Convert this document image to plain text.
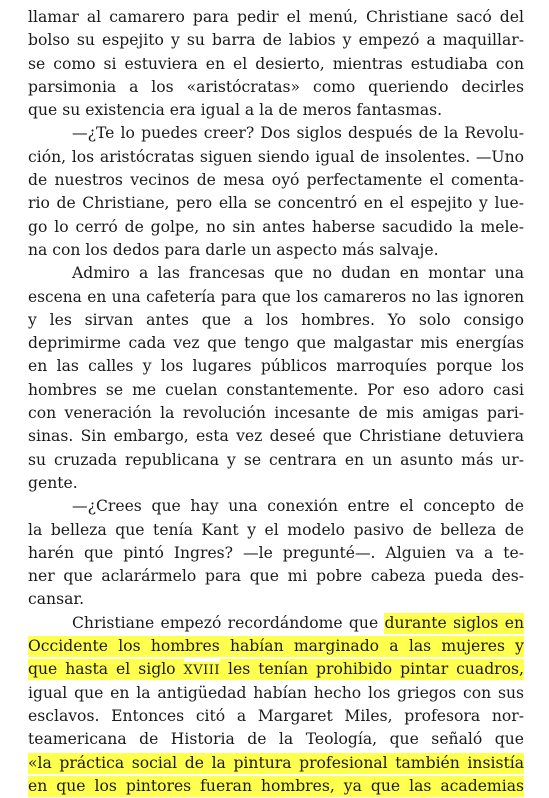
llamar al camarero para pedir el menú, Christiane sacó del
bolso su espejito y su barra de labios y empezó a maquillar-
se como si estuviera en el desierto, mientras estudiaba con
parsimonia a los «aristócratas» como queriendo decirles
que su existencia era igual a la de meros fantasmas.
—¿Te lo puedes creer? Dos siglos después de la Revolu-
ción, los aristócratas siguen siendo igual de insolentes. —Uno
de nuestros vecinos de mesa oyó perfectamente el comenta-
rio de Christiane, pero ella se concentró en el espejito y lue-
go lo cerró de golpe, no sin antes haberse sacudido la mele-
na con los dedos para darle un aspecto más salvaje.
Admiro a las francesas que no dudan en montar una
escena en una cafetería para que los camareros no las ignoren
y les sirvan antes que a los hombres. Yo solo consigo
deprimirme cada vez que tengo que malgastar mis energías
en las calles y los lugares públicos marroquíes porque los
hombres se me cuelan constantemente. Por eso adoro casi
con veneración la revolución incesante de mis amigas pari-
sinas. Sin embargo, esta vez deseé que Christiane detuviera
su cruzada republicana y se centrara en un asunto más ur-
gente.
—¿Crees que hay una conexión entre el concepto de
la belleza que tenía Kant y el modelo pasivo de belleza de
harén que pintó Ingres? —le pregunté—. Alguien va a te-
ner que aclarármelo para que mi pobre cabeza pueda des-
cansar.
Christiane empezó recordándome que durante siglos en
Occidente los hombres habían marginado a las mujeres y
que hasta el siglo XVIII les tenían prohibido pintar cuadros,
igual que en la antigüedad habían hecho los griegos con sus
esclavos. Entonces citó a Margaret Miles, profesora nor-
teamericana de Historia de la Teología, que señaló que
«la práctica social de la pintura profesional también insistía
en que los pintores fueran hombres, ya que las academias
